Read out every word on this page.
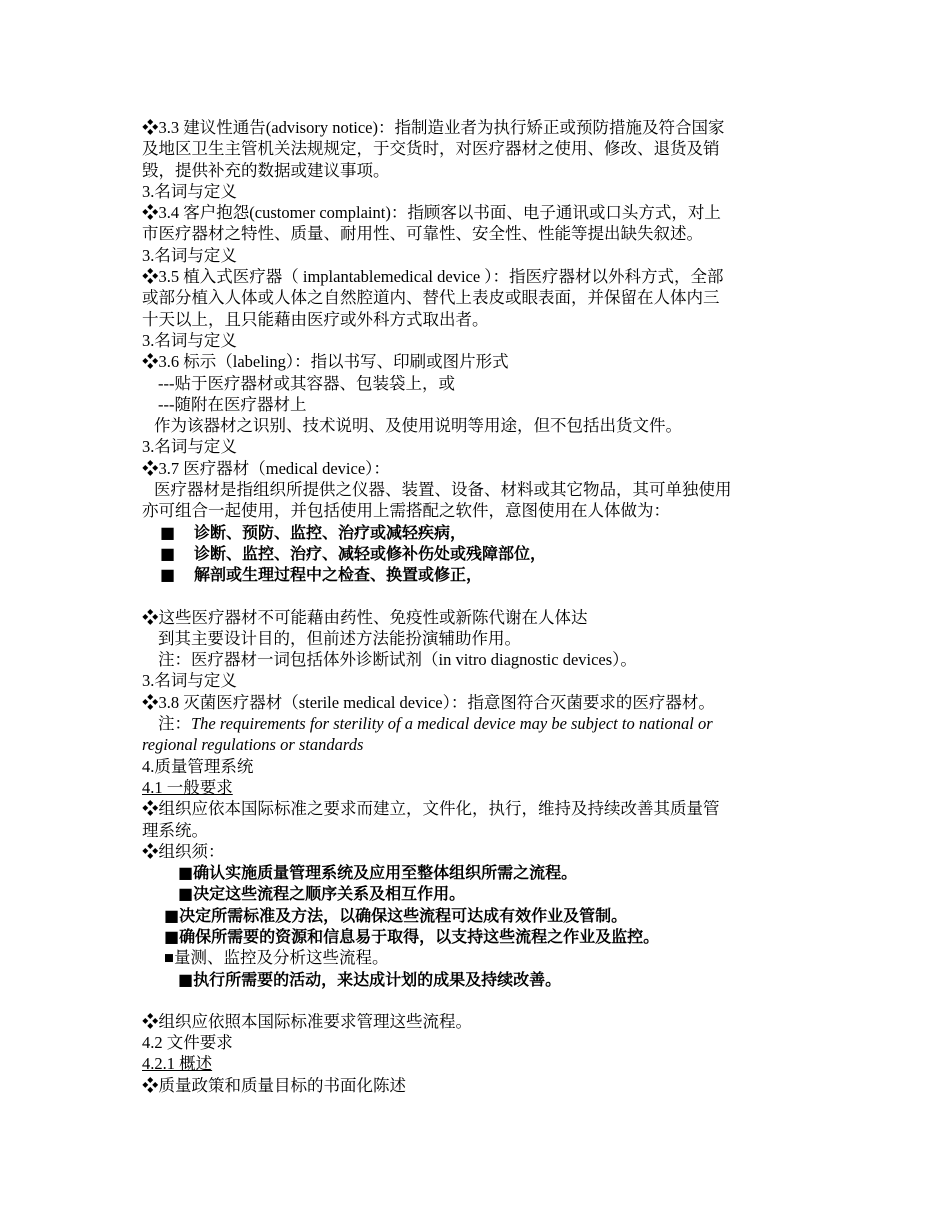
❖3.3 建议性通告(advisory notice)：指制造业者为执行矫正或预防措施及符合国家
及地区卫生主管机关法规规定，于交货时，对医疗器材之使用、修改、退货及销
毁，提供补充的数据或建议事项。
3.名词与定义
❖3.4 客户抱怨(customer complaint)：指顾客以书面、电子通讯或口头方式，对上
市医疗器材之特性、质量、耐用性、可靠性、安全性、性能等提出缺失叙述。
3.名词与定义
❖3.5 植入式医疗器（ implantablemedical device ）：指医疗器材以外科方式，全部
或部分植入人体或人体之自然腔道内、替代上表皮或眼表面，并保留在人体内三
十天以上，且只能藉由医疗或外科方式取出者。
3.名词与定义
❖3.6 标示（labeling）：指以书写、印刷或图片形式
---贴于医疗器材或其容器、包装袋上，或
---随附在医疗器材上
作为该器材之识别、技术说明、及使用说明等用途，但不包括出货文件。
3.名词与定义
❖3.7 医疗器材（medical device）：
医疗器材是指组织所提供之仪器、装置、设备、材料或其它物品，其可单独使用
亦可组合一起使用，并包括使用上需搭配之软件，意图使用在人体做为：
■	诊断、预防、监控、治疗或减轻疾病，
■	诊断、监控、治疗、减轻或修补伤处或残障部位，
■	解剖或生理过程中之检查、换置或修正，
❖这些医疗器材不可能藉由药性、免疫性或新陈代谢在人体达
到其主要设计目的，但前述方法能扮演辅助作用。
注：医疗器材一词包括体外诊断试剂（in vitro diagnostic devices）。
3.名词与定义
❖3.8 灭菌医疗器材（sterile medical device）：指意图符合灭菌要求的医疗器材。
注：The requirements for sterility of a medical device may be subject to national or
regional regulations or standards
4.质量管理系统
4.1 一般要求
❖组织应依本国际标准之要求而建立，文件化，执行，维持及持续改善其质量管
理系统。
❖组织须：
■确认实施质量管理系统及应用至整体组织所需之流程。
■决定这些流程之顺序关系及相互作用。
■决定所需标准及方法，以确保这些流程可达成有效作业及管制。
■确保所需要的资源和信息易于取得，以支持这些流程之作业及监控。
■量测、监控及分析这些流程。
■执行所需要的活动，来达成计划的成果及持续改善。
❖组织应依照本国际标准要求管理这些流程。
4.2 文件要求
4.2.1 概述
❖质量政策和质量目标的书面化陈述
